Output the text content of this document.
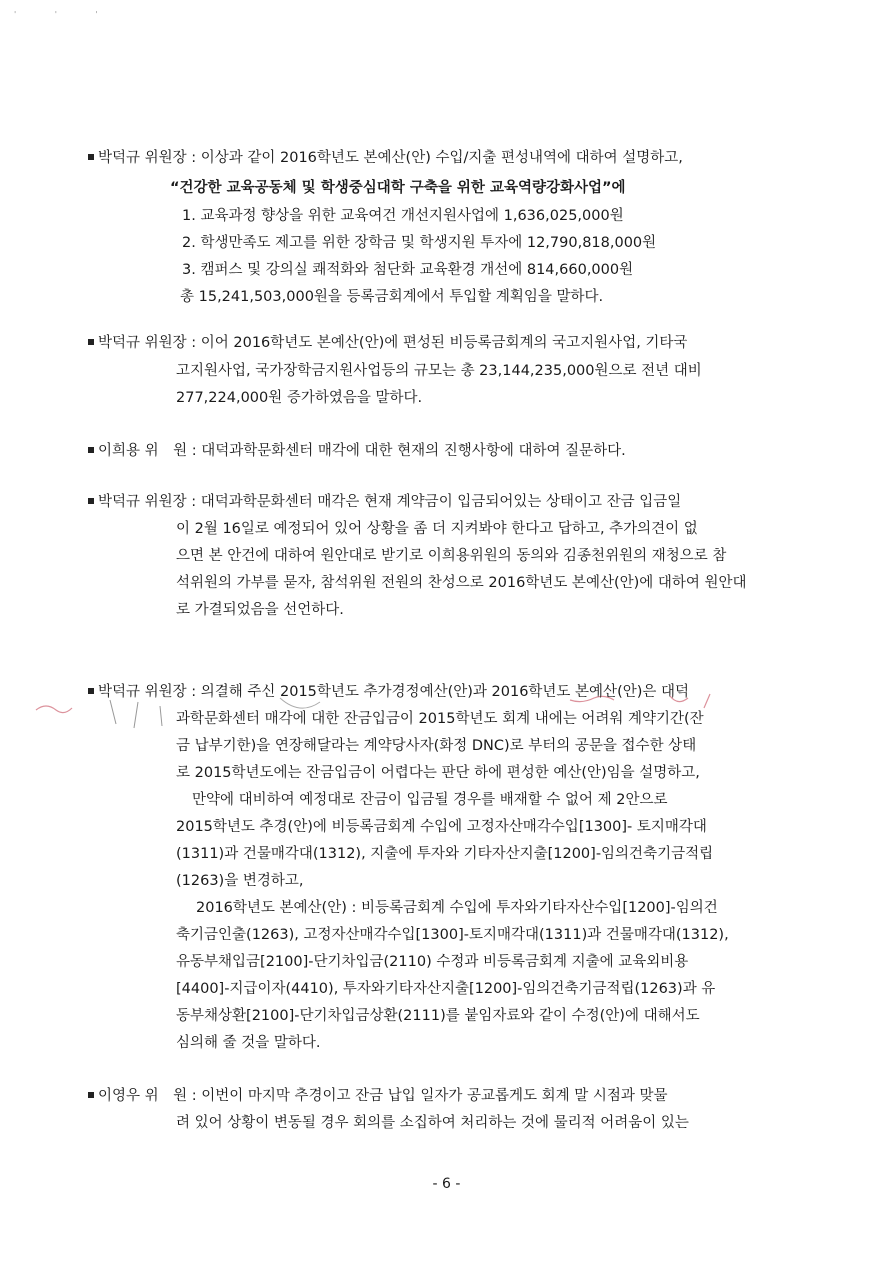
' ' '
박덕규 위원장 : 이상과 같이 2016학년도 본예산(안) 수입/지출 편성내역에 대하여 설명하고,
“건강한 교육공동체 및 학생중심대학 구축을 위한 교육역량강화사업”에
1. 교육과정 향상을 위한 교육여건 개선지원사업에 1,636,025,000원
2. 학생만족도 제고를 위한 장학금 및 학생지원 투자에 12,790,818,000원
3. 캠퍼스 및 강의실 쾌적화와 첨단화 교육환경 개선에 814,660,000원
총 15,241,503,000원을 등록금회계에서 투입할 계획임을 말하다.
박덕규 위원장 : 이어 2016학년도 본예산(안)에 편성된 비등록금회계의 국고지원사업, 기타국
고지원사업, 국가장학금지원사업등의 규모는 총 23,144,235,000원으로 전년 대비
277,224,000원 증가하였음을 말하다.
이희용 위　원 : 대덕과학문화센터 매각에 대한 현재의 진행사항에 대하여 질문하다.
박덕규 위원장 : 대덕과학문화센터 매각은 현재 계약금이 입금되어있는 상태이고 잔금 입금일
이 2월 16일로 예정되어 있어 상황을 좀 더 지켜봐야 한다고 답하고, 추가의견이 없
으면 본 안건에 대하여 원안대로 받기로 이희용위원의 동의와 김종천위원의 재청으로 참
석위원의 가부를 묻자, 참석위원 전원의 찬성으로 2016학년도 본예산(안)에 대하여 원안대
로 가결되었음을 선언하다.
박덕규 위원장 : 의결해 주신 2015학년도 추가경정예산(안)과 2016학년도 본예산(안)은 대덕
과학문화센터 매각에 대한 잔금입금이 2015학년도 회계 내에는 어려워 계약기간(잔
금 납부기한)을 연장해달라는 계약당사자(화정 DNC)로 부터의 공문을 접수한 상태
로 2015학년도에는 잔금입금이 어렵다는 판단 하에 편성한 예산(안)임을 설명하고,
만약에 대비하여 예정대로 잔금이 입금될 경우를 배재할 수 없어 제 2안으로
2015학년도 추경(안)에 비등록금회계 수입에 고정자산매각수입[1300]- 토지매각대
(1311)과 건물매각대(1312), 지출에 투자와 기타자산지출[1200]-임의건축기금적립
(1263)을 변경하고,
2016학년도 본예산(안) : 비등록금회계 수입에 투자와기타자산수입[1200]-임의건
축기금인출(1263), 고정자산매각수입[1300]-토지매각대(1311)과 건물매각대(1312),
유동부채입금[2100]-단기차입금(2110) 수정과 비등록금회계 지출에 교육외비용
[4400]-지급이자(4410), 투자와기타자산지출[1200]-임의건축기금적립(1263)과 유
동부채상환[2100]-단기차입금상환(2111)를 붙임자료와 같이 수정(안)에 대해서도
심의해 줄 것을 말하다.
이영우 위　원 : 이번이 마지막 추경이고 잔금 납입 일자가 공교롭게도 회계 말 시점과 맞물
려 있어 상황이 변동될 경우 회의를 소집하여 처리하는 것에 물리적 어려움이 있는
- 6 -
